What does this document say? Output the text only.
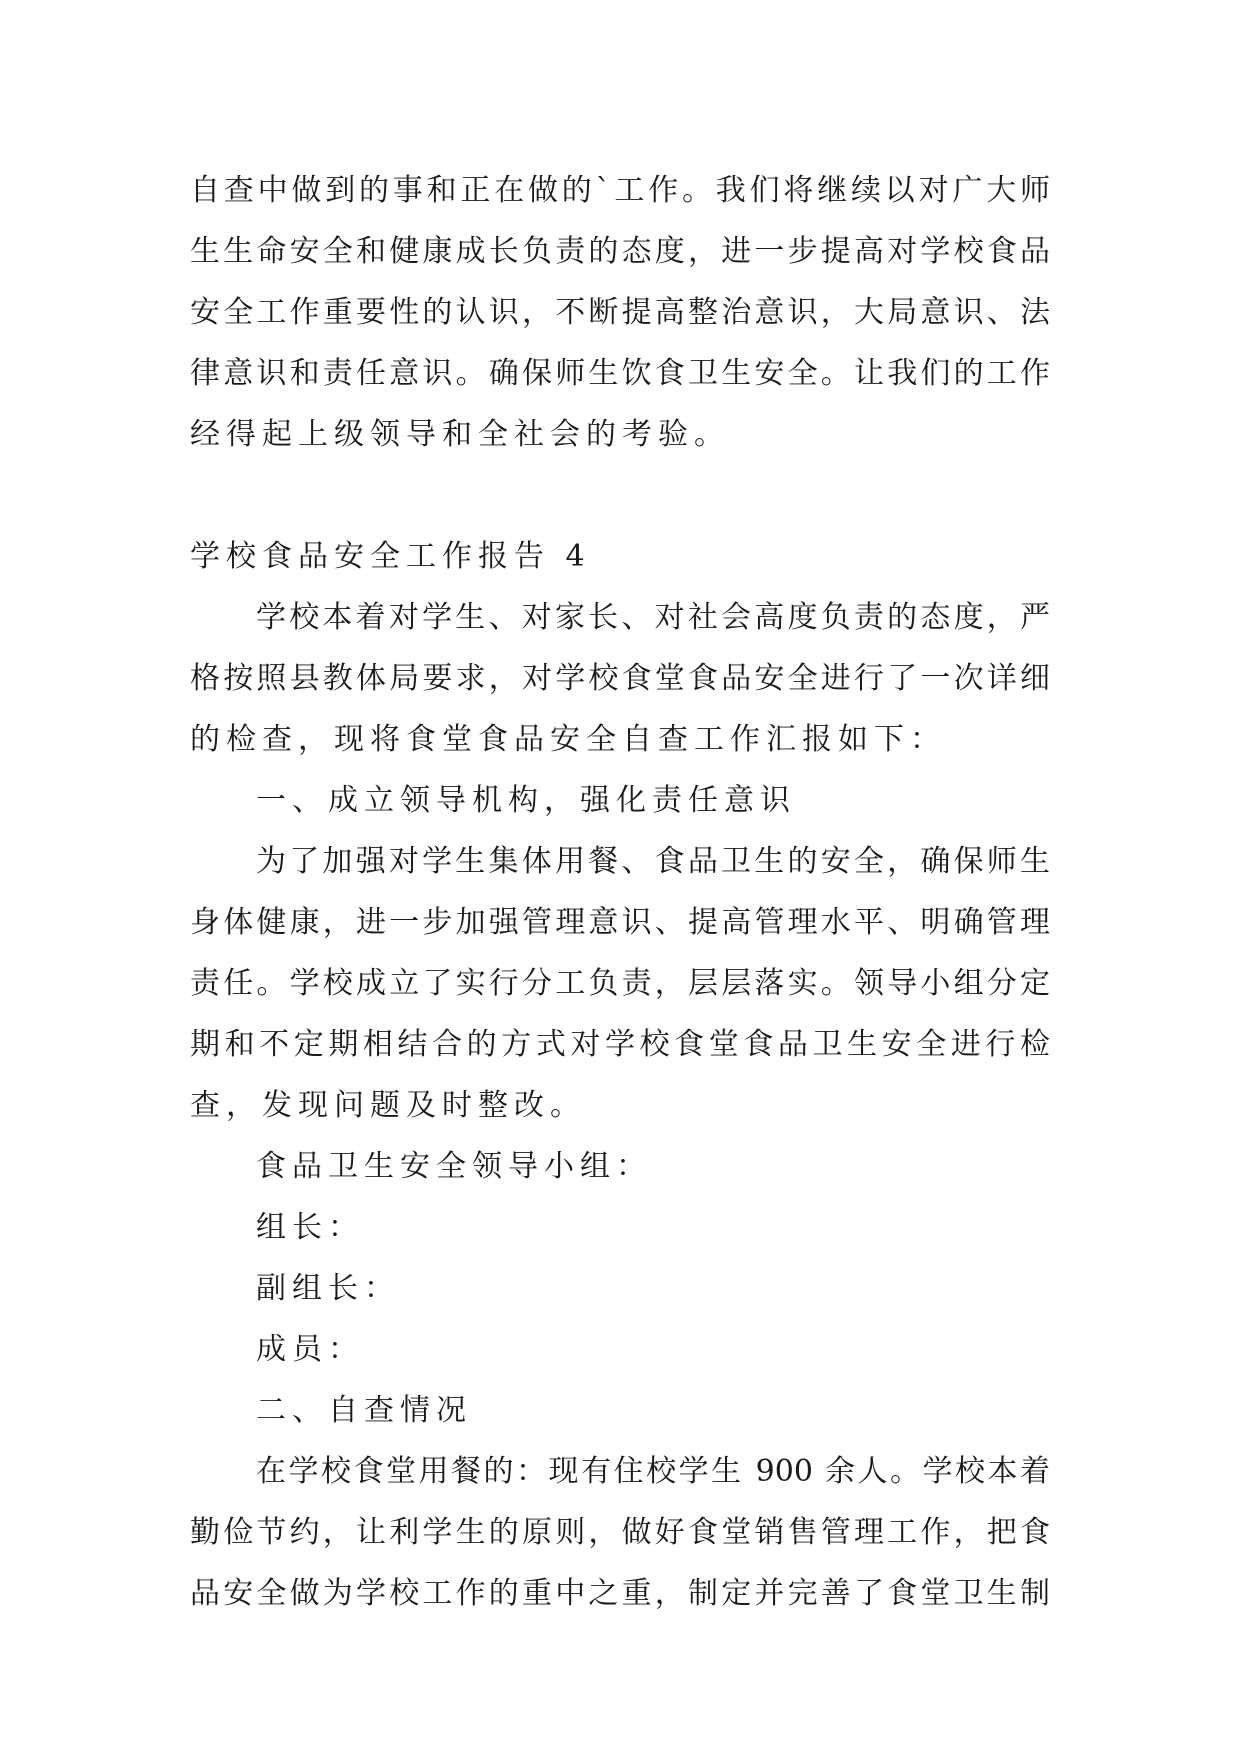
自查中做到的事和正在做的`工作。我们将继续以对广大师
生生命安全和健康成长负责的态度，进一步提高对学校食品
安全工作重要性的认识，不断提高整治意识，大局意识、法
律意识和责任意识。确保师生饮食卫生安全。让我们的工作
经得起上级领导和全社会的考验。
学校食品安全工作报告 4
学校本着对学生、对家长、对社会高度负责的态度，严
格按照县教体局要求，对学校食堂食品安全进行了一次详细
的检查，现将食堂食品安全自查工作汇报如下：
一、成立领导机构，强化责任意识
为了加强对学生集体用餐、食品卫生的安全，确保师生
身体健康，进一步加强管理意识、提高管理水平、明确管理
责任。学校成立了实行分工负责，层层落实。领导小组分定
期和不定期相结合的方式对学校食堂食品卫生安全进行检
查，发现问题及时整改。
食品卫生安全领导小组：
组长：
副组长：
成员：
二、自查情况
在学校食堂用餐的：现有住校学生 900 余人。学校本着
勤俭节约，让利学生的原则，做好食堂销售管理工作，把食
品安全做为学校工作的重中之重，制定并完善了食堂卫生制
